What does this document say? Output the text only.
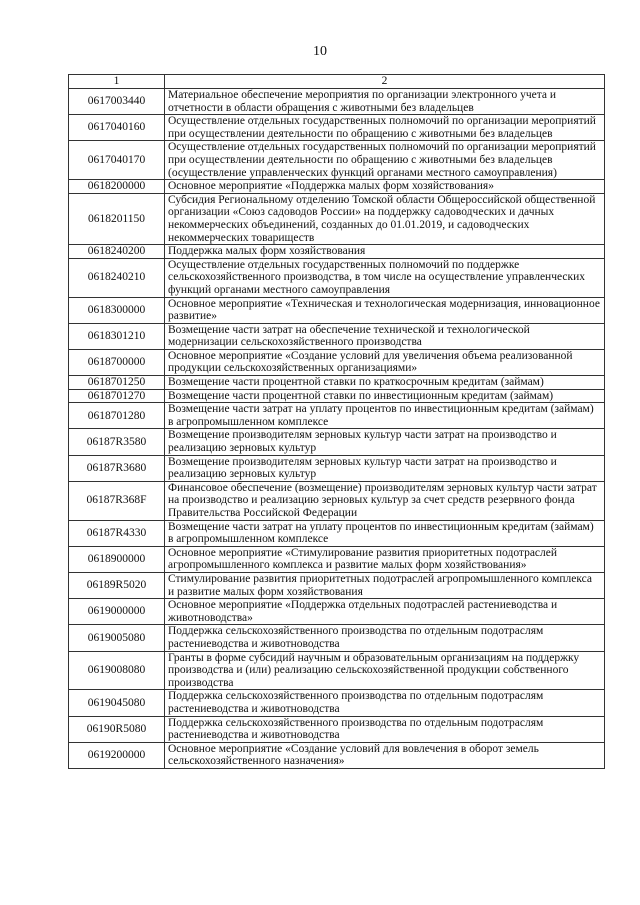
10
1	2
0617003440	Материальное обеспечение мероприятия по организации электронного учета и отчетности в области обращения с животными без владельцев
0617040160	Осуществление отдельных государственных полномочий по организации мероприятий при осуществлении деятельности по обращению с животными без владельцев
0617040170	Осуществление отдельных государственных полномочий по организации мероприятий при осуществлении деятельности по обращению с животными без владельцев (осуществление управленческих функций органами местного самоуправления)
0618200000	Основное мероприятие «Поддержка малых форм хозяйствования»
0618201150	Субсидия Региональному отделению Томской области Общероссийской общественной организации «Союз садоводов России» на поддержку садоводческих и дачных некоммерческих объединений, созданных до 01.01.2019, и садоводческих некоммерческих товариществ
0618240200	Поддержка малых форм хозяйствования
0618240210	Осуществление отдельных государственных полномочий по поддержке сельскохозяйственного производства, в том числе на осуществление управленческих функций органами местного самоуправления
0618300000	Основное мероприятие «Техническая и технологическая модернизация, инновационное развитие»
0618301210	Возмещение части затрат на обеспечение технической и технологической модернизации сельскохозяйственного производства
0618700000	Основное мероприятие «Создание условий для увеличения объема реализованной продукции сельскохозяйственных организациями»
0618701250	Возмещение части процентной ставки по краткосрочным кредитам (займам)
0618701270	Возмещение части процентной ставки по инвестиционным кредитам (займам)
0618701280	Возмещение части затрат на уплату процентов по инвестиционным кредитам (займам) в агропромышленном комплексе
06187R3580	Возмещение производителям зерновых культур части затрат на производство и реализацию зерновых культур
06187R3680	Возмещение производителям зерновых культур части затрат на производство и реализацию зерновых культур
06187R368F	Финансовое обеспечение (возмещение) производителям зерновых культур части затрат на производство и реализацию зерновых культур за счет средств резервного фонда Правительства Российской Федерации
06187R4330	Возмещение части затрат на уплату процентов по инвестиционным кредитам (займам) в агропромышленном комплексе
0618900000	Основное мероприятие «Стимулирование развития приоритетных подотраслей агропромышленного комплекса и развитие малых форм хозяйствования»
06189R5020	Стимулирование развития приоритетных подотраслей агропромышленного комплекса и развитие малых форм хозяйствования
0619000000	Основное мероприятие «Поддержка отдельных подотраслей растениеводства и животноводства»
0619005080	Поддержка сельскохозяйственного производства по отдельным подотраслям растениеводства и животноводства
0619008080	Гранты в форме субсидий научным и образовательным организациям на поддержку производства и (или) реализацию сельскохозяйственной продукции собственного производства
0619045080	Поддержка сельскохозяйственного производства по отдельным подотраслям растениеводства и животноводства
06190R5080	Поддержка сельскохозяйственного производства по отдельным подотраслям растениеводства и животноводства
0619200000	Основное мероприятие «Создание условий для вовлечения в оборот земель сельскохозяйственного назначения»
